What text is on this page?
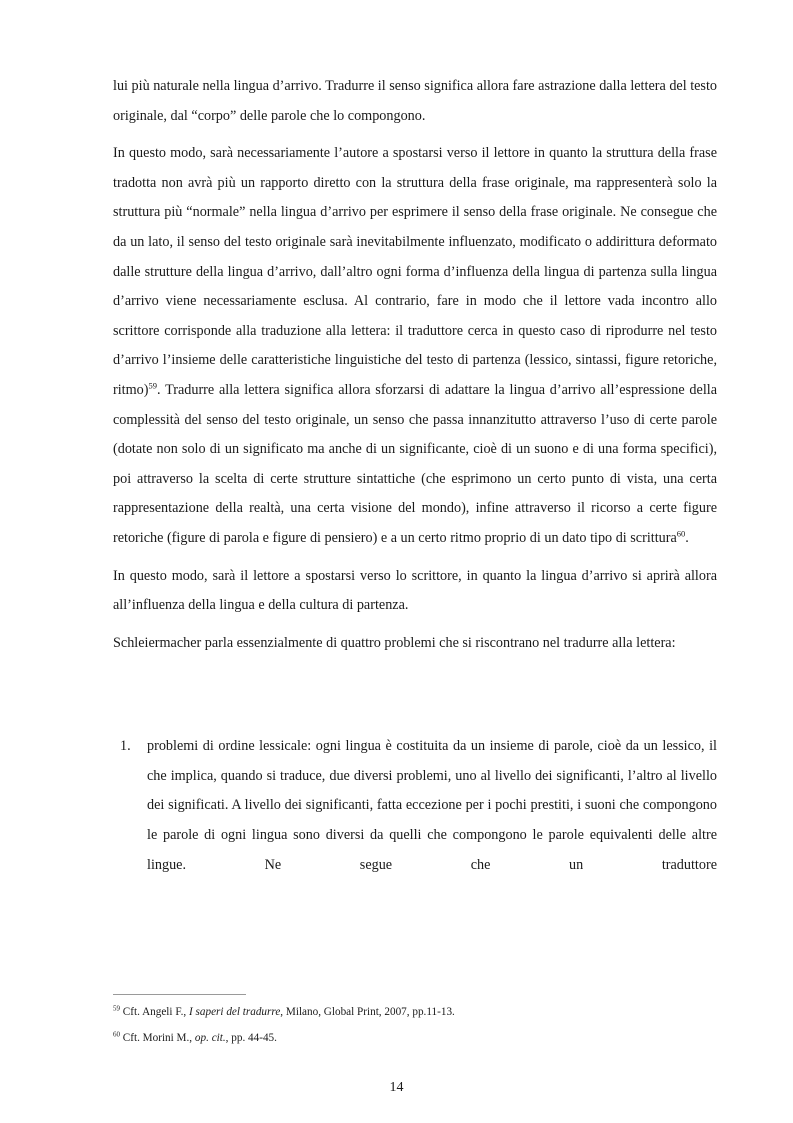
lui più naturale nella lingua d’arrivo. Tradurre il senso significa allora fare astrazione dalla lettera del testo originale, dal “corpo” delle parole che lo compongono.

In questo modo, sarà necessariamente l’autore a spostarsi verso il lettore in quanto la struttura della frase tradotta non avrà più un rapporto diretto con la struttura della frase originale, ma rappresenterà solo la struttura più “normale” nella lingua d’arrivo per esprimere il senso della frase originale. Ne consegue che da un lato, il senso del testo originale sarà inevitabilmente influenzato, modificato o addirittura deformato dalle strutture della lingua d’arrivo, dall’altro ogni forma d’influenza della lingua di partenza sulla lingua d’arrivo viene necessariamente esclusa. Al contrario, fare in modo che il lettore vada incontro allo scrittore corrisponde alla traduzione alla lettera: il traduttore cerca in questo caso di riprodurre nel testo d’arrivo l’insieme delle caratteristiche linguistiche del testo di partenza (lessico, sintassi, figure retoriche, ritmo)$^{59}$. Tradurre alla lettera significa allora sforzarsi di adattare la lingua d’arrivo all’espressione della complessità del senso del testo originale, un senso che passa innanzitutto attraverso l’uso di certe parole (dotate non solo di un significato ma anche di un significante, cioè di un suono e di una forma specifici), poi attraverso la scelta di certe strutture sintattiche (che esprimono un certo punto di vista, una certa rappresentazione della realtà, una certa visione del mondo), infine attraverso il ricorso a certe figure retoriche (figure di parola e figure di pensiero) e a un certo ritmo proprio di un dato tipo di scrittura$^{60}$.

In questo modo, sarà il lettore a spostarsi verso lo scrittore, in quanto la lingua d’arrivo si aprirà allora all’influenza della lingua e della cultura di partenza.

Schleiermacher parla essenzialmente di quattro problemi che si riscontrano nel tradurre alla lettera:

1. problemi di ordine lessicale: ogni lingua è costituita da un insieme di parole, cioè da un lessico, il che implica, quando si traduce, due diversi problemi, uno al livello dei significanti, l’altro al livello dei significati. A livello dei significanti, fatta eccezione per i pochi prestiti, i suoni che compongono le parole di ogni lingua sono diversi da quelli che compongono le parole equivalenti delle altre lingue. Ne segue che un traduttore

$^{59}$ Cft. Angeli F., I saperi del tradurre, Milano, Global Print, 2007, pp.11-13.

$^{60}$ Cft. Morini M., op. cit., pp. 44-45.

14
